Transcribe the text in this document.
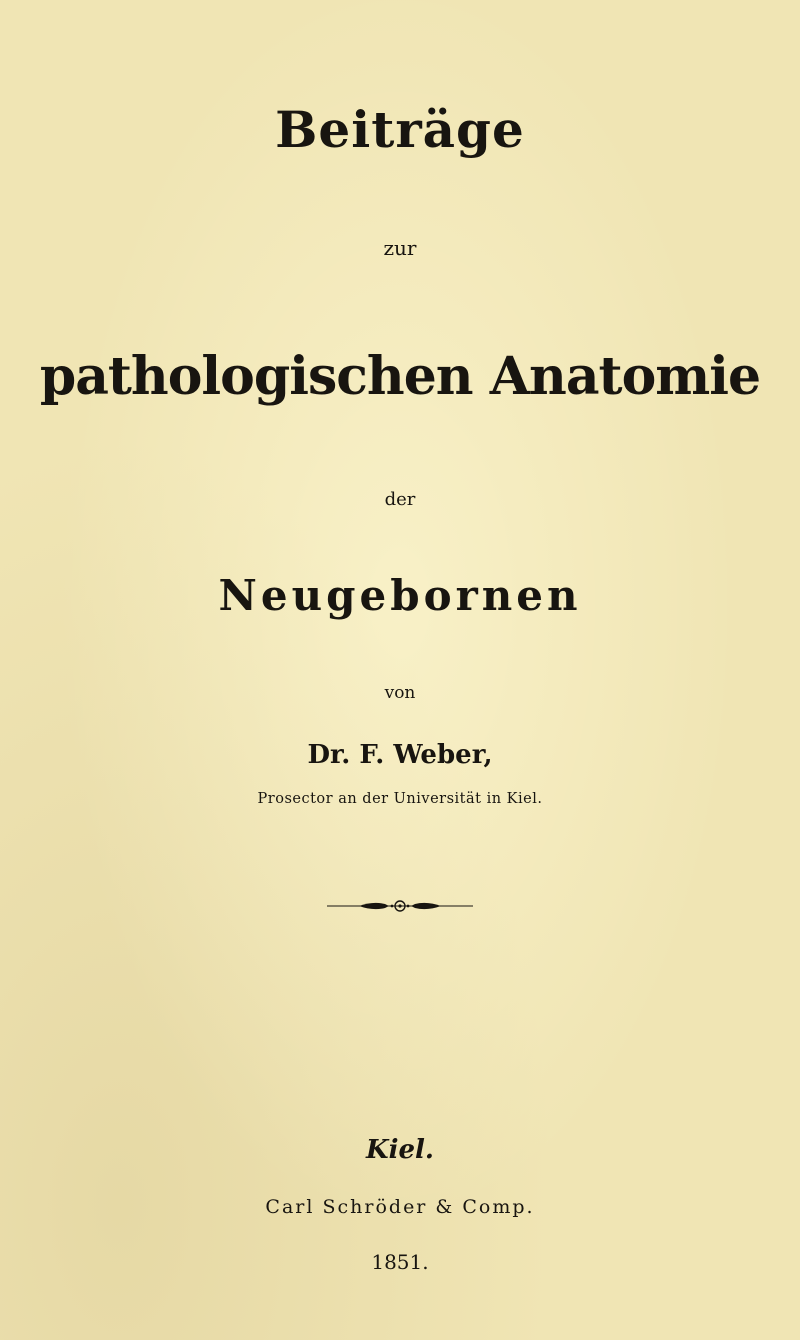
Beiträge
zur
pathologischen Anatomie
der
Neugebornen
von
Dr. F. Weber,
Prosector an der Universität in Kiel.
Kiel.
Carl Schröder & Comp.
1851.
